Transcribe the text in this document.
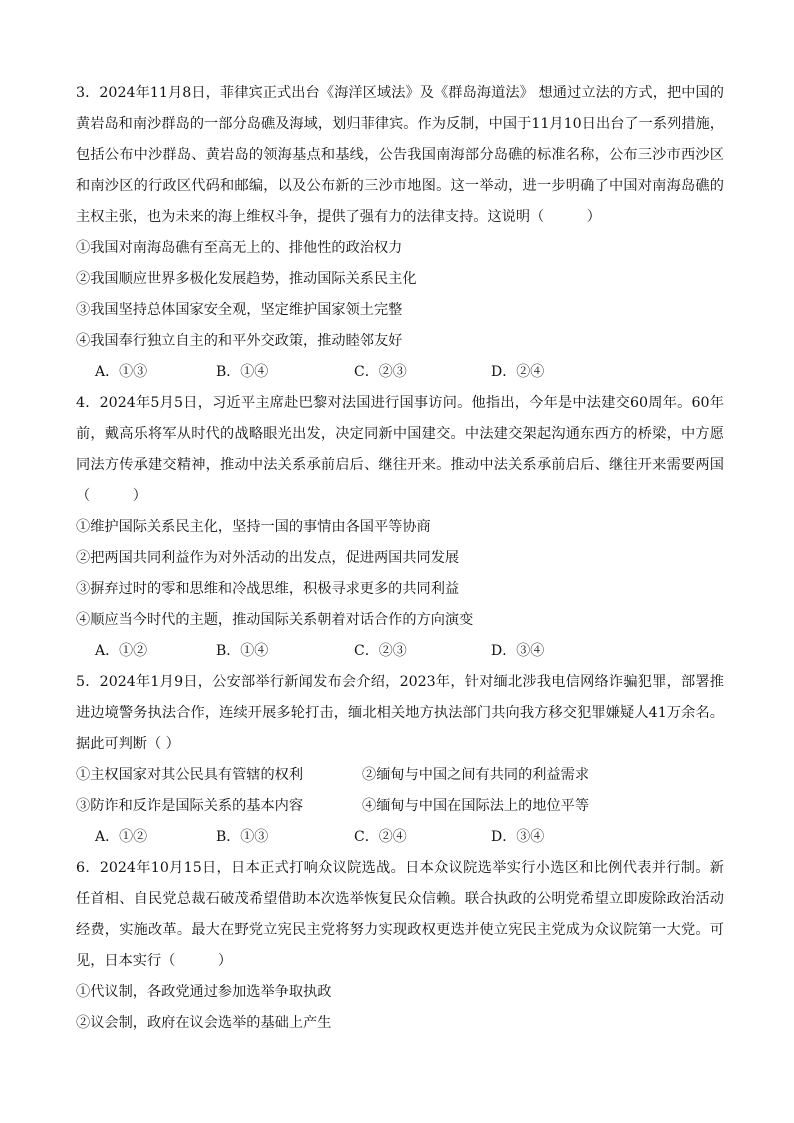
3．2024年11月8日，菲律宾正式出台《海洋区域法》及《群岛海道法》 想通过立法的方式，把中国的黄岩岛和南沙群岛的一部分岛礁及海域，划归菲律宾。作为反制，中国于11月10日出台了一系列措施，包括公布中沙群岛、黄岩岛的领海基点和基线，公告我国南海部分岛礁的标准名称，公布三沙市西沙区和南沙区的行政区代码和邮编，以及公布新的三沙市地图。这一举动，进一步明确了中国对南海岛礁的主权主张，也为未来的海上维权斗争，提供了强有力的法律支持。这说明（　　　）

①我国对南海岛礁有至高无上的、排他性的政治权力

②我国顺应世界多极化发展趋势，推动国际关系民主化

③我国坚持总体国家安全观，坚定维护国家领土完整

④我国奉行独立自主的和平外交政策，推动睦邻友好

A．①③	B．①④	C．②③	D．②④

4．2024年5月5日，习近平主席赴巴黎对法国进行国事访问。他指出，今年是中法建交60周年。60年前，戴高乐将军从时代的战略眼光出发，决定同新中国建交。中法建交架起沟通东西方的桥梁，中方愿同法方传承建交精神，推动中法关系承前启后、继往开来。推动中法关系承前启后、继往开来需要两国（　　　）

①维护国际关系民主化，坚持一国的事情由各国平等协商

②把两国共同利益作为对外活动的出发点，促进两国共同发展

③摒弃过时的零和思维和冷战思维，积极寻求更多的共同利益

④顺应当今时代的主题，推动国际关系朝着对话合作的方向演变

A．①②	B．①④	C．②③	D．③④

5．2024年1月9日，公安部举行新闻发布会介绍，2023年，针对缅北涉我电信网络诈骗犯罪，部署推进边境警务执法合作，连续开展多轮打击，缅北相关地方执法部门共向我方移交犯罪嫌疑人41万余名。据此可判断（ ）

①主权国家对其公民具有管辖的权利	②缅甸与中国之间有共同的利益需求
③防诈和反诈是国际关系的基本内容	④缅甸与中国在国际法上的地位平等
A．①②	B．①③	C．②④	D．③④

6．2024年10月15日，日本正式打响众议院选战。日本众议院选举实行小选区和比例代表并行制。新任首相、自民党总裁石破茂希望借助本次选举恢复民众信赖。联合执政的公明党希望立即废除政治活动经费，实施改革。最大在野党立宪民主党将努力实现政权更迭并使立宪民主党成为众议院第一大党。可见，日本实行（　　　）

①代议制，各政党通过参加选举争取执政

②议会制，政府在议会选举的基础上产生
